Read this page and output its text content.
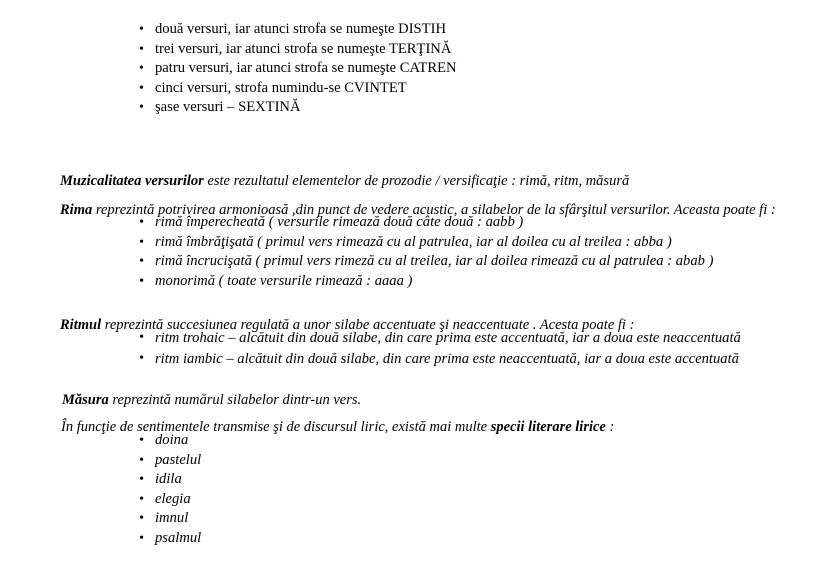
• două versuri, iar atunci strofa se numeşte DISTIH
• trei versuri, iar atunci strofa se numeşte TERŢINĂ
• patru versuri, iar atunci strofa se numeşte CATREN
• cinci versuri, strofa numindu-se CVINTET
• şase versuri – SEXTINĂ

Muzicalitatea versurilor este rezultatul elementelor de prozodie / versificaţie : rimă, ritm, măsură

Rima reprezintă potrivirea armonioasă ,din punct de vedere acustic, a silabelor de la sfârşitul versurilor. Aceasta poate fi :

• rimă împerecheată ( versurile rimează două câte două : aabb )
• rimă îmbrăţişată ( primul vers rimează cu al patrulea, iar al doilea cu al treilea : abba )
• rimă încrucişată ( primul vers rimeză cu al treilea, iar al doilea rimează cu al patrulea : abab )
• monorimă ( toate versurile rimează : aaaa )

Ritmul reprezintă succesiunea regulată a unor silabe accentuate şi neaccentuate . Acesta poate fi :

• ritm trohaic – alcătuit din două silabe, din care prima este accentuată, iar a doua este neaccentuată
• ritm iambic – alcătuit din două silabe, din care prima este neaccentuată, iar a doua este accentuată

Măsura reprezintă numărul silabelor dintr-un vers.

În funcţie de sentimentele transmise şi de discursul liric, există mai multe specii literare lirice :

• doina
• pastelul
• idila
• elegia
• imnul
• psalmul
